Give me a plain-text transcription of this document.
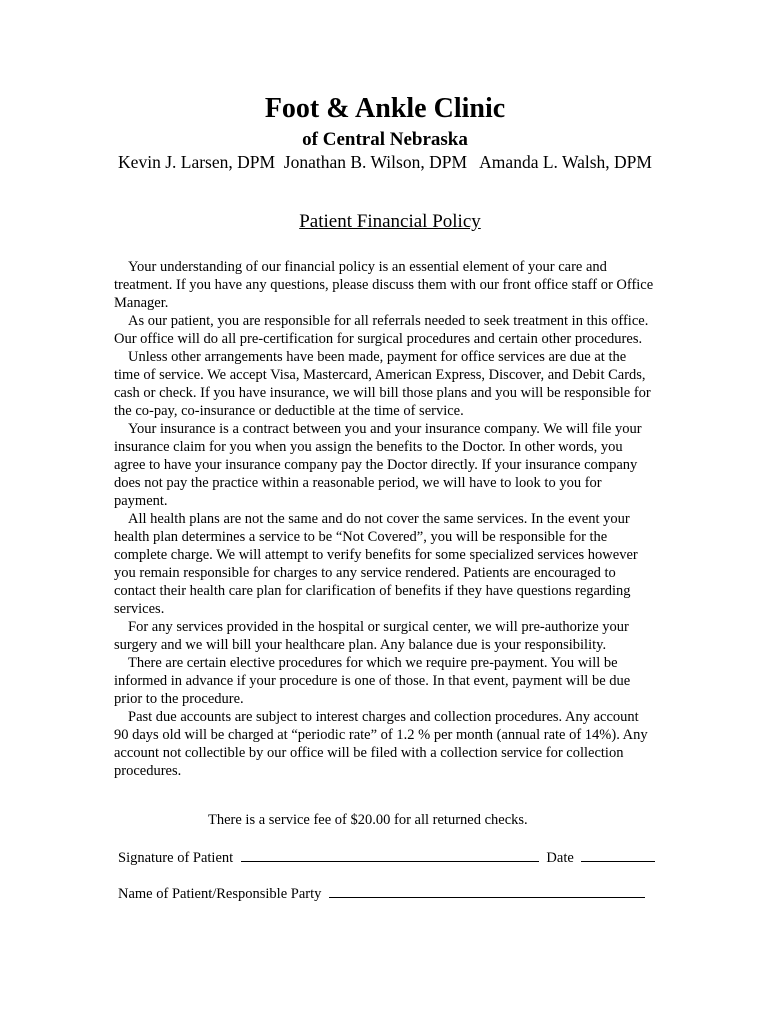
Foot & Ankle Clinic
of Central Nebraska
Kevin J. Larsen, DPM  Jonathan B. Wilson, DPM   Amanda L. Walsh, DPM
Patient Financial Policy

Your understanding of our financial policy is an essential element of your care and treatment. If you have any questions, please discuss them with our front office staff or Office Manager.

As our patient, you are responsible for all referrals needed to seek treatment in this office. Our office will do all pre-certification for surgical procedures and certain other procedures.

Unless other arrangements have been made, payment for office services are due at the time of service. We accept Visa, Mastercard, American Express, Discover, and Debit Cards, cash or check. If you have insurance, we will bill those plans and you will be responsible for the co-pay, co-insurance or deductible at the time of service.

Your insurance is a contract between you and your insurance company. We will file your insurance claim for you when you assign the benefits to the Doctor. In other words, you agree to have your insurance company pay the Doctor directly. If your insurance company does not pay the practice within a reasonable period, we will have to look to you for payment.

All health plans are not the same and do not cover the same services. In the event your health plan determines a service to be “Not Covered”, you will be responsible for the complete charge. We will attempt to verify benefits for some specialized services however you remain responsible for charges to any service rendered. Patients are encouraged to contact their health care plan for clarification of benefits if they have questions regarding services.

For any services provided in the hospital or surgical center, we will pre-authorize your surgery and we will bill your healthcare plan. Any balance due is your responsibility.

There are certain elective procedures for which we require pre-payment. You will be informed in advance if your procedure is one of those. In that event, payment will be due prior to the procedure.

Past due accounts are subject to interest charges and collection procedures. Any account 90 days old will be charged at “periodic rate” of 1.2 % per month (annual rate of 14%). Any account not collectible by our office will be filed with a collection service for collection procedures.

There is a service fee of $20.00 for all returned checks.
Signature of Patient	Date
Name of Patient/Responsible Party
